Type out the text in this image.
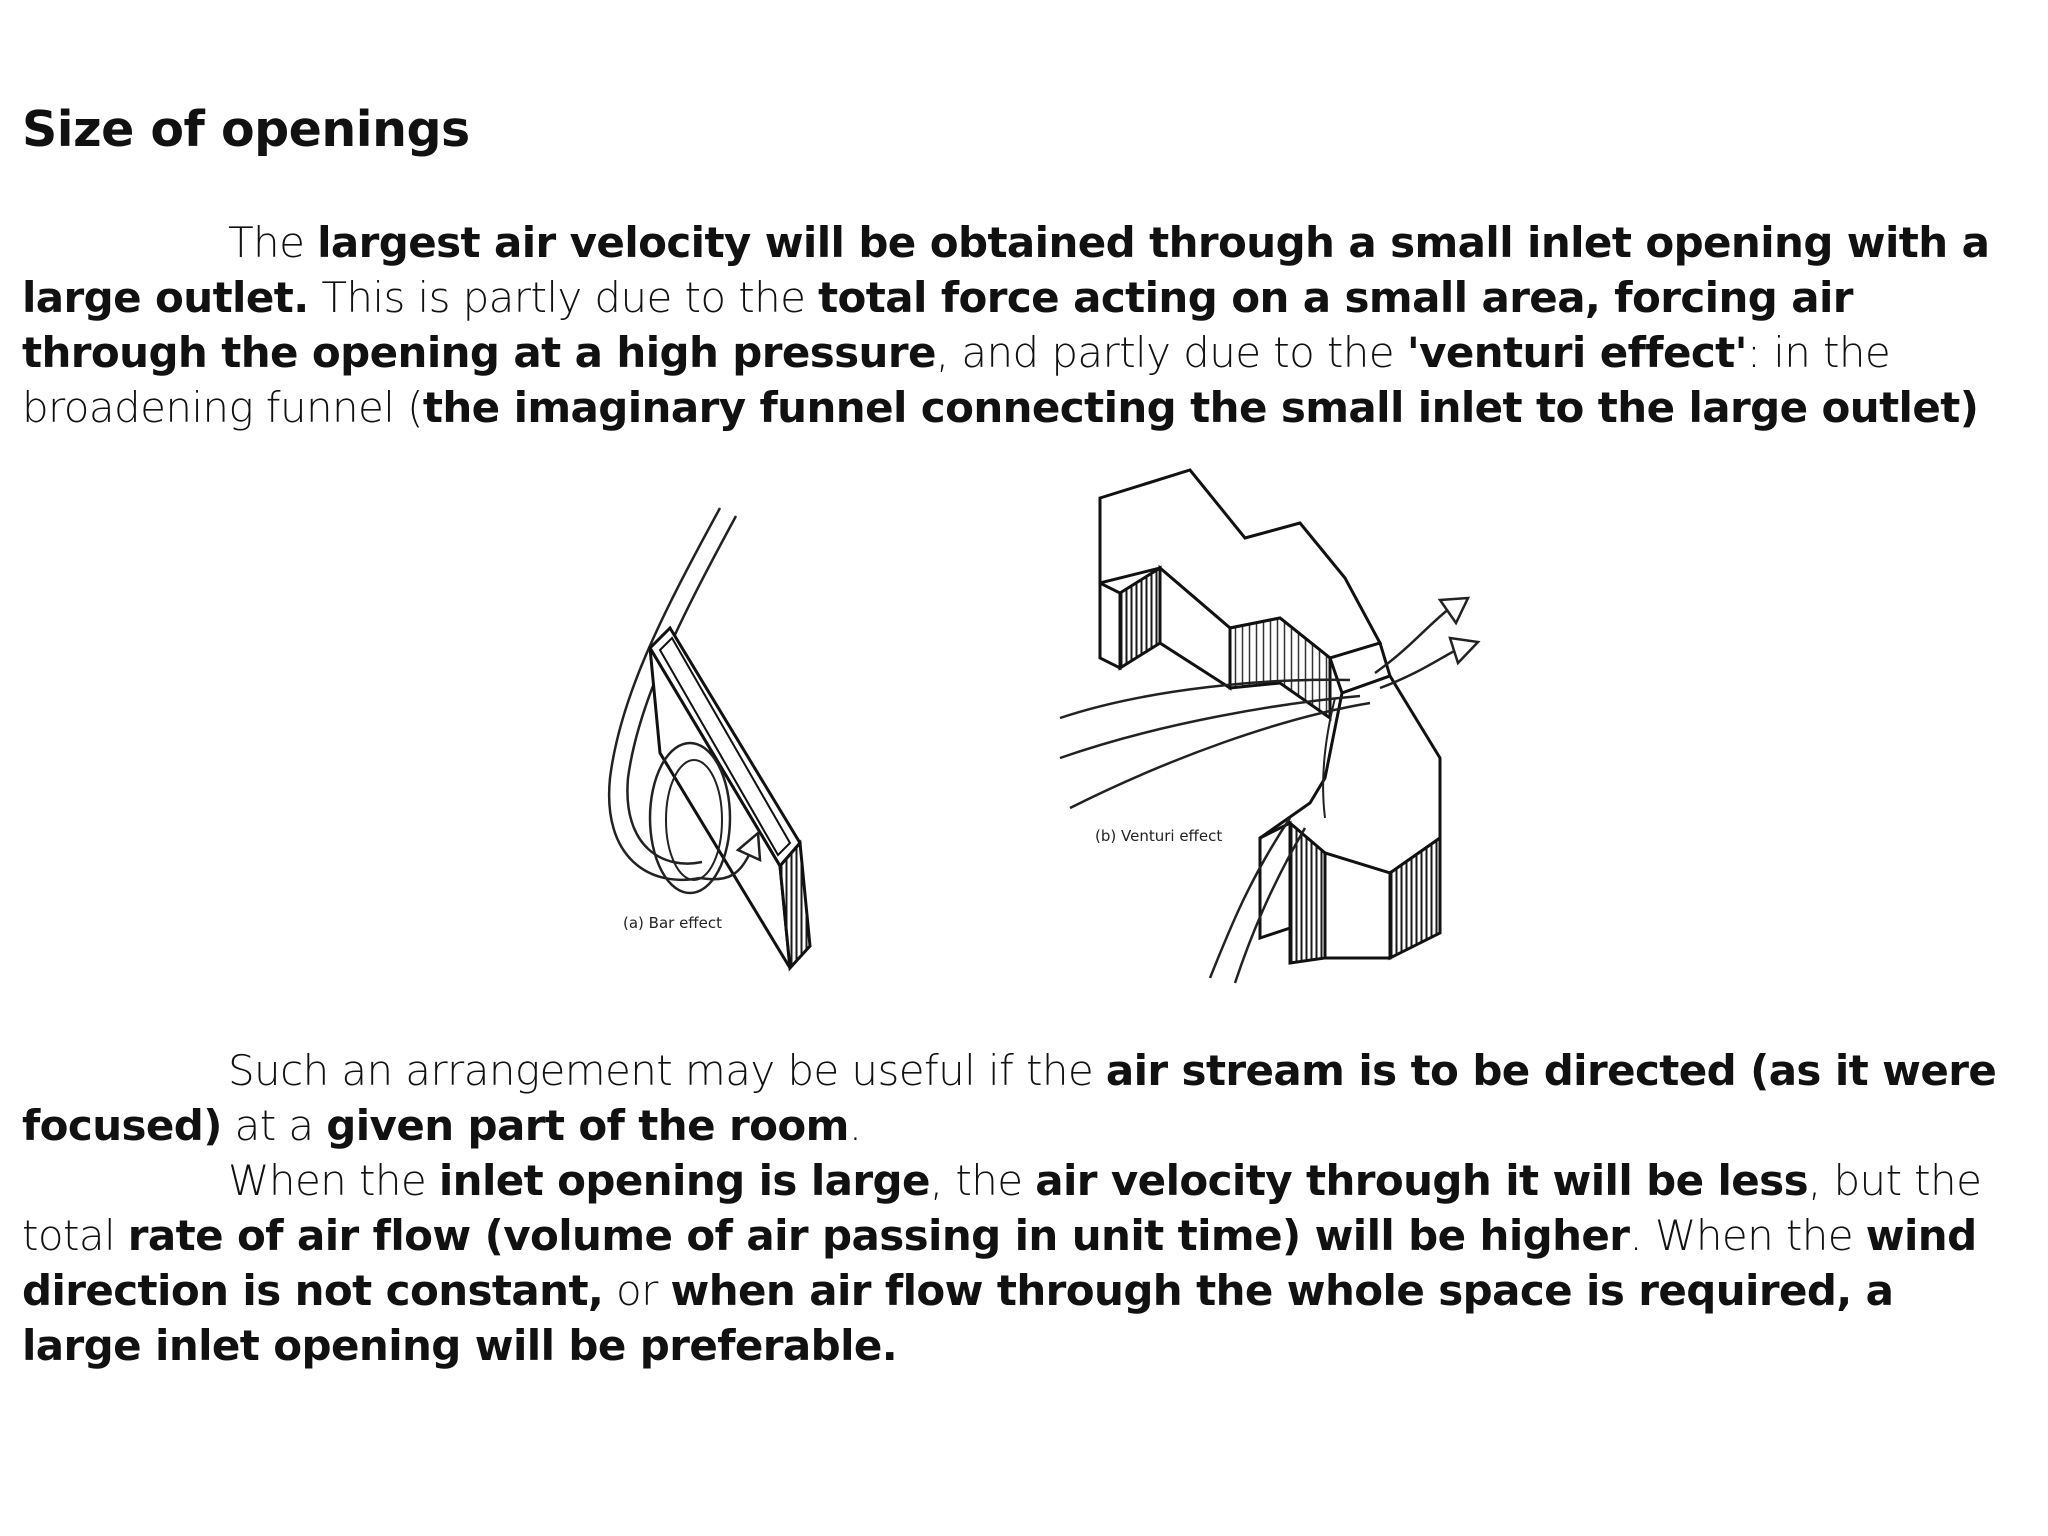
Size of openings

The largest air velocity will be obtained through a small inlet opening with a large outlet. This is partly due to the total force acting on a small area, forcing air through the opening at a high pressure, and partly due to the 'venturi effect': in the broadening funnel (the imaginary funnel connecting the small inlet to the large outlet)

(a) Bar effect
(b) Venturi effect

Such an arrangement may be useful if the air stream is to be directed (as it were focused) at a given part of the room.

When the inlet opening is large, the air velocity through it will be less, but the total rate of air flow (volume of air passing in unit time) will be higher. When the wind direction is not constant, or when air flow through the whole space is required, a large inlet opening will be preferable.
